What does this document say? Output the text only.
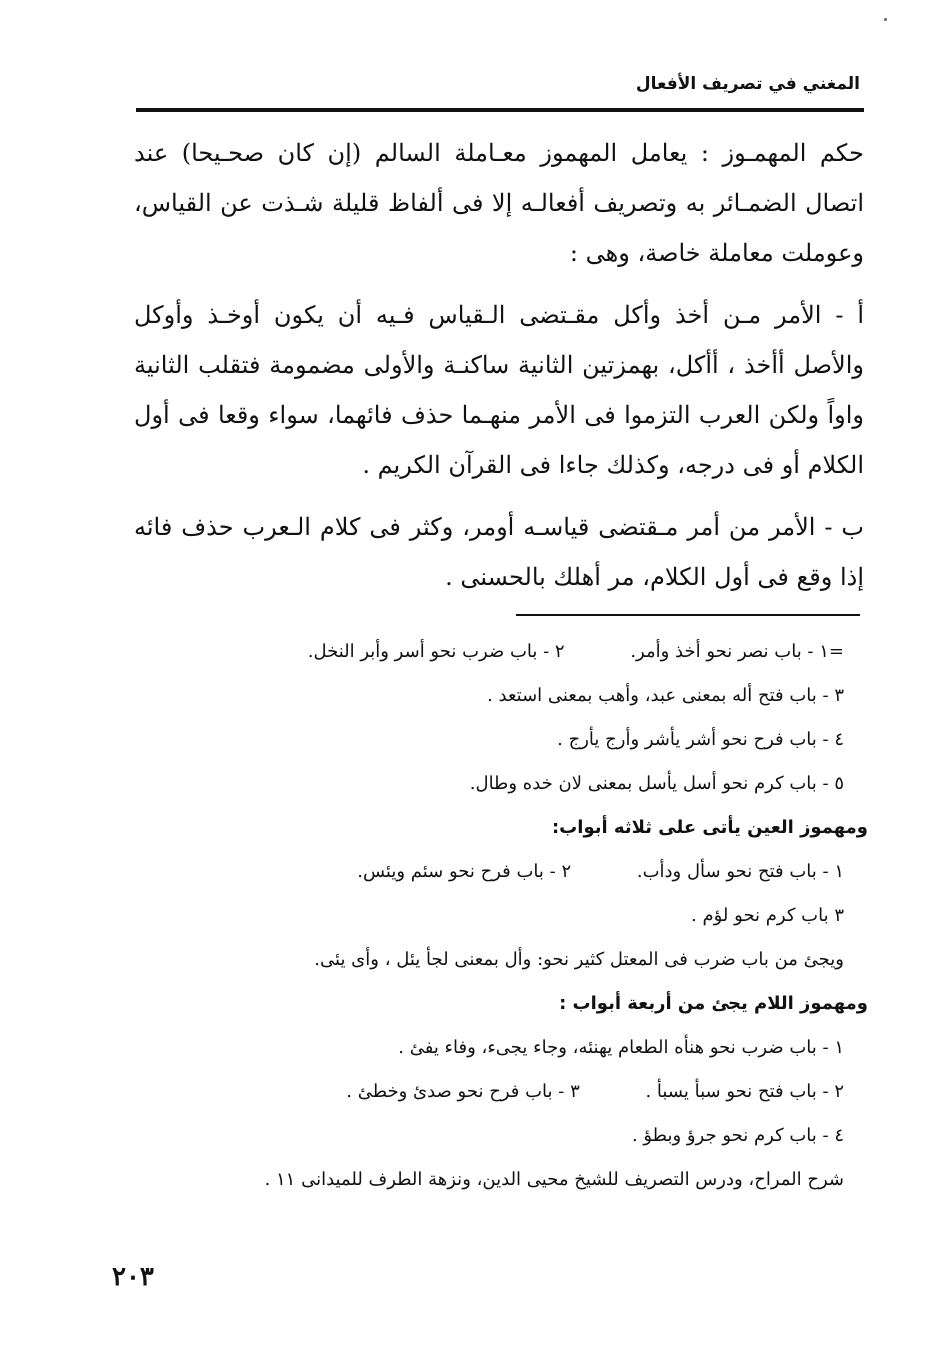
المغني في تصريف الأفعال

حكم المهمـوز : يعامل المهموز معـاملة السالم (إن كان صحـيحا) عند اتصال الضمـائر به وتصريف أفعالـه إلا فى ألفاظ قليلة شـذت عن القياس، وعوملت معاملة خاصة، وهى :

أ - الأمر مـن أخذ وأكل مقـتضى الـقياس فـيه أن يكون أوخـذ وأوكل والأصل أأخذ ، أأكل، بهمزتين الثانية ساكنـة والأولى مضمومة فتقلب الثانية واواً ولكن العرب التزموا فى الأمر منهـما حذف فائهما، سواء وقعا فى أول الكلام أو فى درجه، وكذلك جاءا فى القرآن الكريم .

ب - الأمر من أمر مـقتضى قياسـه أومر، وكثر فى كلام الـعرب حذف فائه إذا وقع فى أول الكلام، مر أهلك بالحسنى .

=١ - باب نصر نحو أخذ وأمر. ٢ - باب ضرب نحو أسر وأبر النخل.
٣ - باب فتح أله بمعنى عبد، وأهب بمعنى استعد .
٤ - باب فرح نحو أشر يأشر وأرج يأرج .
٥ - باب كرم نحو أسل يأسل بمعنى لان خده وطال.
ومهموز العين يأتى على ثلاثه أبواب:
١ - باب فتح نحو سأل ودأب. ٢ - باب فرح نحو سئم ويئس.
٣ باب كرم نحو لؤم .
ويجئ من باب ضرب فى المعتل كثير نحو: وأل بمعنى لجأ يئل ، وأى يئى.
ومهموز اللام يجئ من أربعة أبواب :
١ - باب ضرب نحو هنأه الطعام يهنئه، وجاء يجىء، وفاء يفئ .
٢ - باب فتح نحو سبأ يسبأ . ٣ - باب فرح نحو صدئ وخطئ .
٤ - باب كرم نحو جرؤ وبطؤ .
شرح المراح، ودرس التصريف للشيخ محيى الدين، ونزهة الطرف للميدانى ١١ .
٢٠٣
